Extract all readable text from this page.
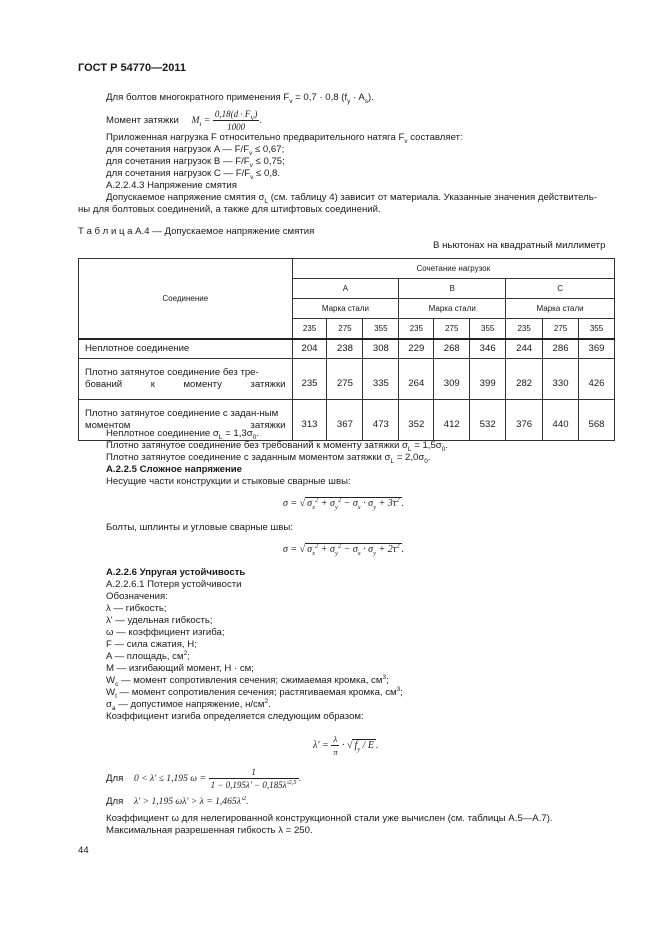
ГОСТ Р 54770—2011
Для болтов многократного применения $F_v = 0,7 \cdot 0,8$ $(f_y \cdot A_s)$.
Момент затяжки $M_t = \frac{0,18(d \cdot F_V)}{1000}$ .
Приложенная нагрузка F относительно предварительного натяга $F_v$ составляет:
для сочетания нагрузок A — $F/F_v \le 0,67$;
для сочетания нагрузок B — $F/F_v \le 0,75$;
для сочетания нагрузок C — $F/F_v \le 0,8$.
А.2.2.4.3 Напряжение смятия
Допускаемое напряжение смятия $\sigma_L$ (см. таблицу 4) зависит от материала. Указанные значения действитель-
ны для болтовых соединений, а также для штифтовых соединений.
Т а б л и ц а А.4 — Допускаемое напряжение смятия
В ньютонах на квадратный миллиметр
Соединение	Сочетание нагрузок								
	A			B			C		
	Марка стали			Марка стали			Марка стали		
	235	275	355	235	275	355	235	275	355
Неплотное соединение	204	238	308	229	268	346	244	286	369
Плотно затянутое соединение без тре-бований к моменту затяжки	235	275	335	264	309	399	282	330	426
Плотно затянутое соединение с задан-ным моментом затяжки	313	367	473	352	412	532	376	440	568
Неплотное соединение $\sigma_L = 1,3\sigma_0$.
Плотно затянутое соединение без требований к моменту затяжки $\sigma_L = 1,5\sigma_0$.
Плотно затянутое соединение с заданным моментом затяжки $\sigma_L = 2,0\sigma_0$.
А.2.2.5 Сложное напряжение
Несущие части конструкции и стыковые сварные швы:
σ = √ $\sigma_x^2 + \sigma_y^2 - \sigma_x \cdot \sigma_y + 3\tau^2$ .
Болты, шплинты и угловые сварные швы:
σ = √ $\sigma_x^2 + \sigma_y^2 - \sigma_x \cdot \sigma_y + 2\tau^2$ .
А.2.2.6 Упругая устойчивость
А.2.2.6.1 Потеря устойчивости
Обозначения:
λ — гибкость;
λ' — удельная гибкость;
ω — коэффициент изгиба;
F — сила сжатия, Н;
A — площадь, $см^2$;
M — изгибающий момент, Н · см;
$W_c$ — момент сопротивления сечения; сжимаемая кромка, $см^3$;
$W_t$ — момент сопротивления сечения; растягиваемая кромка, $см^3$;
$\sigma_a$ — допустимое напряжение, $н/см^2$.
Коэффициент изгиба определяется следующим образом:
$\lambda' = \frac{\lambda}{\pi}$ · √ $f_y$ / E .
Для 0 < λ' ≤ 1,195 $\omega = \frac{1}{1 - 0,195\lambda' - 0,185\lambda'^{2,5}}$ .
Для λ' > 1,195 $\omega\lambda' > \lambda = 1,465\lambda'^2$.
Коэффициент ω для нелегированной конструкционной стали уже вычислен (см. таблицы А.5—А.7).
Максимальная разрешенная гибкость λ = 250.
44
